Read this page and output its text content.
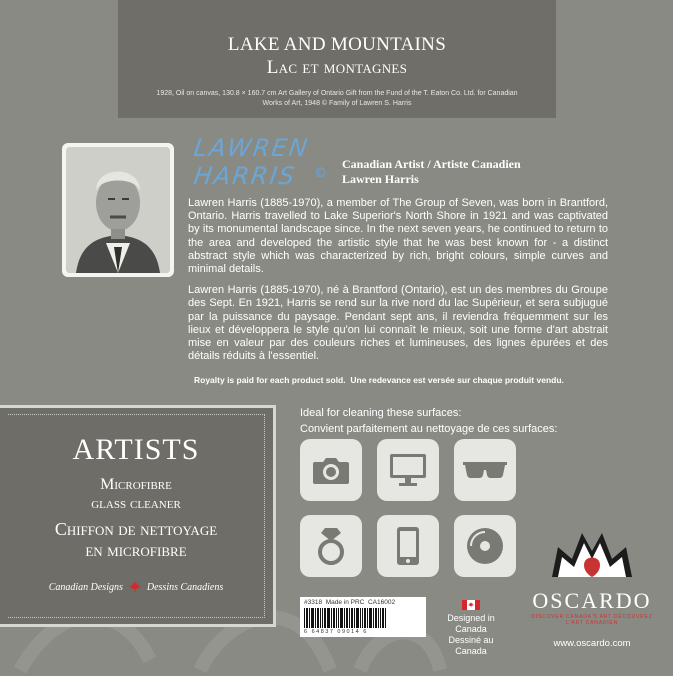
LAKE AND MOUNTAINS
Lac et montagnes
1928, Oil on canvas, 130.8 × 160.7 cm Art Gallery of Ontario Gift from the Fund of the T. Eaton Co. Ltd. for Canadian
Works of Art, 1948 © Family of Lawren S. Harris
LAWREN
HARRIS ©
Canadian Artist / Artiste Canadien
Lawren Harris

Lawren Harris (1885-1970), a member of The Group of Seven, was born in Brantford, Ontario. Harris travelled to Lake Superior's North Shore in 1921 and was captivated by its monumental landscape since. In the next seven years, he continued to return to the area and developed the artistic style that he was best known for - a distinct abstract style which was characterized by rich, bright colours, simple curves and minimal details.

Lawren Harris (1885-1970), né à Brantford (Ontario), est un des membres du Groupe des Sept. En 1921, Harris se rend sur la rive nord du lac Supérieur, et sera subjugué par la puissance du paysage. Pendant sept ans, il reviendra fréquemment sur les lieux et développera le style qu'on lui connaît le mieux, soit une forme d'art abstrait mise en valeur par des couleurs riches et lumineuses, des lignes épurées et des détails réduits à l'essentiel.

Royalty is paid for each product sold. Une redevance est versée sur chaque produit vendu.
ARTISTS
Microfibre
glass cleaner
Chiffon de nettoyage
en microfibre
Canadian Designs Dessins Canadiens
Ideal for cleaning these surfaces:
Convient parfaitement au nettoyage de ces surfaces:
#3318 Made in PRC CA16002
6 64837 09014 6
Designed in Canada
Dessiné au Canada
OSCARDO
DISCOVER CANADA'S ART DÉCOUVREZ L'ART CANADIEN
www.oscardo.com
